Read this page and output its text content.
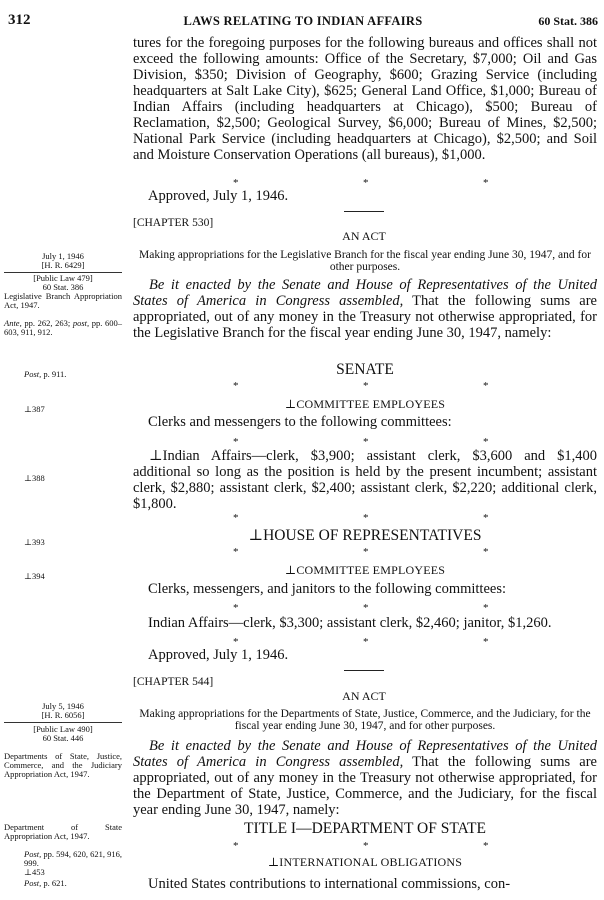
312	LAWS RELATING TO INDIAN AFFAIRS	60 Stat. 386
tures for the foregoing purposes for the following bureaus and offices shall not exceed the following amounts: Office of the Secretary, $7,000; Oil and Gas Division, $350; Division of Geography, $600; Grazing Service (including headquarters at Salt Lake City), $625; General Land Office, $1,000; Bureau of Indian Affairs (including headquarters at Chicago), $500; Bureau of Reclamation, $2,500; Geological Survey, $6,000; Bureau of Mines, $2,500; National Park Service (including headquarters at Chicago), $2,500; and Soil and Moisture Conservation Operations (all bureaus), $1,000.
*	*	*
Approved, July 1, 1946.
[CHAPTER 530]
AN ACT
Making appropriations for the Legislative Branch for the fiscal year ending June 30, 1947, and for other purposes.
Be it enacted by the Senate and House of Representatives of the United States of America in Congress assembled, That the following sums are appropriated, out of any money in the Treasury not otherwise appropriated, for the Legislative Branch for the fiscal year ending June 30, 1947, namely:
SENATE
*	*	*
⊥COMMITTEE EMPLOYEES
Clerks and messengers to the following committees:
*	*	*
⊥Indian Affairs—clerk, $3,900; assistant clerk, $3,600 and $1,400 additional so long as the position is held by the present incumbent; assistant clerk, $2,880; assistant clerk, $2,400; assistant clerk, $2,220; additional clerk, $1,800.
*	*	*
⊥HOUSE OF REPRESENTATIVES
*	*	*
⊥COMMITTEE EMPLOYEES
Clerks, messengers, and janitors to the following committees:
*	*	*
Indian Affairs—clerk, $3,300; assistant clerk, $2,460; janitor, $1,260.
*	*	*
Approved, July 1, 1946.
[CHAPTER 544]
AN ACT
Making appropriations for the Departments of State, Justice, Commerce, and the Judiciary, for the fiscal year ending June 30, 1947, and for other purposes.
Be it enacted by the Senate and House of Representatives of the United States of America in Congress assembled, That the following sums are appropriated, out of any money in the Treasury not otherwise appropriated, for the Department of State, Justice, Commerce, and the Judiciary, for the fiscal year ending June 30, 1947, namely:
TITLE I—DEPARTMENT OF STATE
*	*	*
⊥INTERNATIONAL OBLIGATIONS
United States contributions to international commissions, con-
July 1, 1946
[H. R. 6429]
[Public Law 479]
60 Stat. 386
Legislative Branch Appropriation Act, 1947.
Ante, pp. 262, 263; post, pp. 600–603, 911, 912.
Post, p. 911.
⊥387
⊥388
⊥393
⊥394
July 5, 1946
[H. R. 6056]
[Public Law 490]
60 Stat. 446
Departments of State, Justice, Commerce, and the Judiciary Appropriation Act, 1947.
Department of State Appropriation Act, 1947.
Post, pp. 594, 620, 621, 916, 999.
⊥453
Post, p. 621.
